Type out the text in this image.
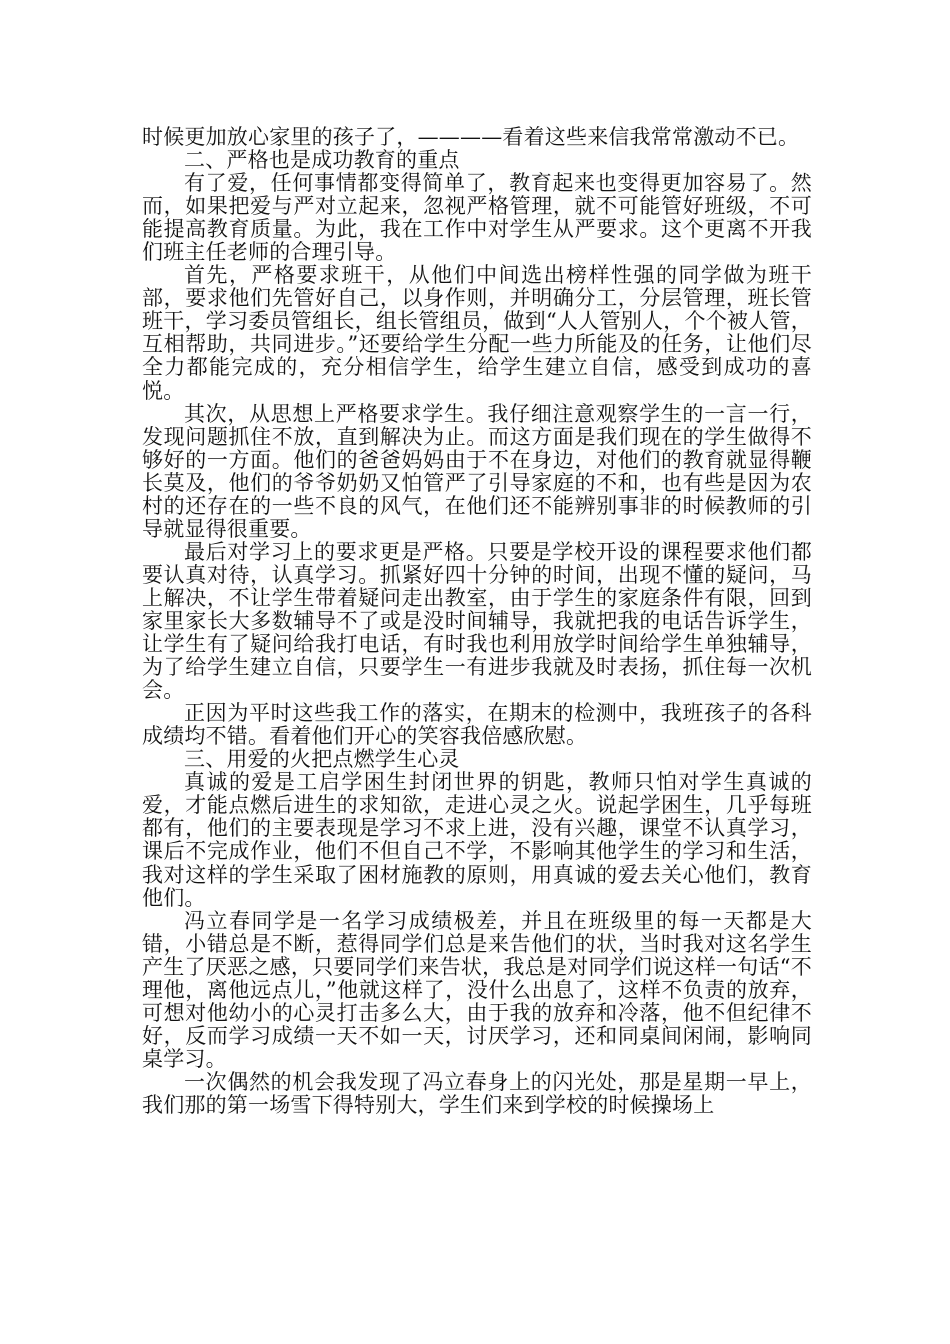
时候更加放心家里的孩子了，————看着这些来信我常常激动不已。

二、严格也是成功教育的重点

有了爱，任何事情都变得简单了，教育起来也变得更加容易了。然而，如果把爱与严对立起来，忽视严格管理，就不可能管好班级，不可能提高教育质量。为此，我在工作中对学生从严要求。这个更离不开我们班主任老师的合理引导。

首先，严格要求班干，从他们中间选出榜样性强的同学做为班干部，要求他们先管好自己，以身作则，并明确分工，分层管理，班长管班干，学习委员管组长，组长管组员，做到“人人管别人，个个被人管，互相帮助，共同进步。”还要给学生分配一些力所能及的任务，让他们尽全力都能完成的，充分相信学生，给学生建立自信，感受到成功的喜悦。

其次，从思想上严格要求学生。我仔细注意观察学生的一言一行，发现问题抓住不放，直到解决为止。而这方面是我们现在的学生做得不够好的一方面。他们的爸爸妈妈由于不在身边，对他们的教育就显得鞭长莫及，他们的爷爷奶奶又怕管严了引导家庭的不和，也有些是因为农村的还存在的一些不良的风气，在他们还不能辨别事非的时候教师的引导就显得很重要。

最后对学习上的要求更是严格。只要是学校开设的课程要求他们都要认真对待，认真学习。抓紧好四十分钟的时间，出现不懂的疑问，马上解决，不让学生带着疑问走出教室，由于学生的家庭条件有限，回到家里家长大多数辅导不了或是没时间辅导，我就把我的电话告诉学生，让学生有了疑问给我打电话，有时我也利用放学时间给学生单独辅导，为了给学生建立自信，只要学生一有进步我就及时表扬，抓住每一次机会。

正因为平时这些我工作的落实，在期末的检测中，我班孩子的各科成绩均不错。看着他们开心的笑容我倍感欣慰。

三、用爱的火把点燃学生心灵

真诚的爱是工启学困生封闭世界的钥匙，教师只怕对学生真诚的爱，才能点燃后进生的求知欲，走进心灵之火。说起学困生，几乎每班都有，他们的主要表现是学习不求上进，没有兴趣，课堂不认真学习，课后不完成作业，他们不但自己不学，不影响其他学生的学习和生活，我对这样的学生采取了困材施教的原则，用真诚的爱去关心他们，教育他们。

冯立春同学是一名学习成绩极差，并且在班级里的每一天都是大错，小错总是不断，惹得同学们总是来告他们的状，当时我对这名学生产生了厌恶之感，只要同学们来告状，我总是对同学们说这样一句话“不理他，离他远点儿，”他就这样了，没什么出息了，这样不负责的放弃，可想对他幼小的心灵打击多么大，由于我的放弃和冷落，他不但纪律不好，反而学习成绩一天不如一天，讨厌学习，还和同桌间闲闹，影响同桌学习。

一次偶然的机会我发现了冯立春身上的闪光处，那是星期一早上，我们那的第一场雪下得特别大，学生们来到学校的时候操场上
